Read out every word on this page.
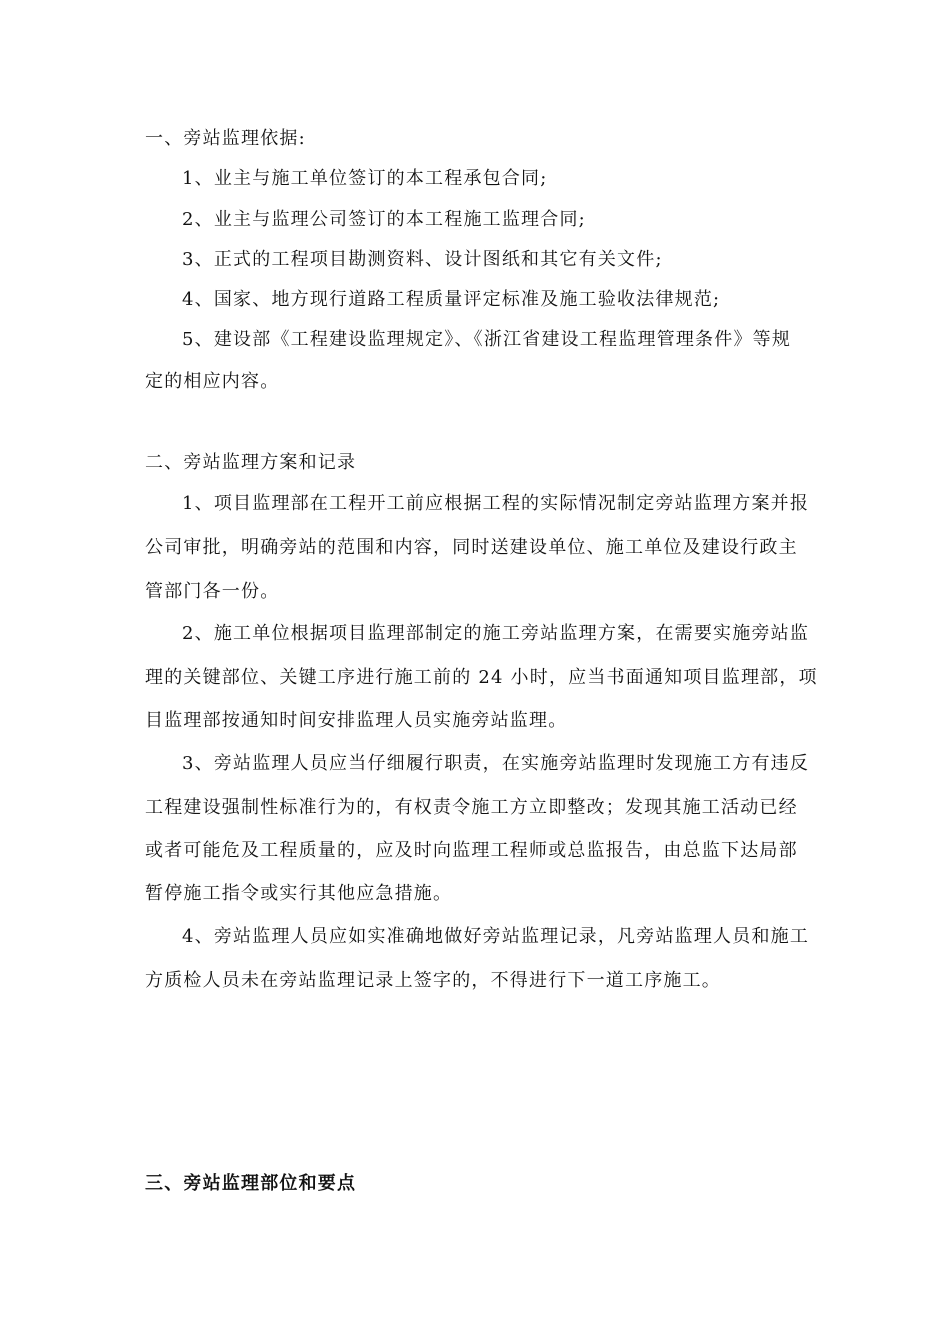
一、旁站监理依据:
1、业主与施工单位签订的本工程承包合同;
2、业主与监理公司签订的本工程施工监理合同;
3、正式的工程项目勘测资料、设计图纸和其它有关文件;
4、国家、地方现行道路工程质量评定标准及施工验收法律规范;
5、建设部《工程建设监理规定》、《浙江省建设工程监理管理条件》等规
定的相应内容。
二、旁站监理方案和记录
1、项目监理部在工程开工前应根据工程的实际情况制定旁站监理方案并报
公司审批，明确旁站的范围和内容，同时送建设单位、施工单位及建设行政主
管部门各一份。
2、施工单位根据项目监理部制定的施工旁站监理方案，在需要实施旁站监
理的关键部位、关键工序进行施工前的 24 小时，应当书面通知项目监理部，项
目监理部按通知时间安排监理人员实施旁站监理。
3、旁站监理人员应当仔细履行职责，在实施旁站监理时发现施工方有违反
工程建设强制性标准行为的，有权责令施工方立即整改；发现其施工活动已经
或者可能危及工程质量的，应及时向监理工程师或总监报告，由总监下达局部
暂停施工指令或实行其他应急措施。
4、旁站监理人员应如实准确地做好旁站监理记录，凡旁站监理人员和施工
方质检人员未在旁站监理记录上签字的，不得进行下一道工序施工。
三、旁站监理部位和要点
